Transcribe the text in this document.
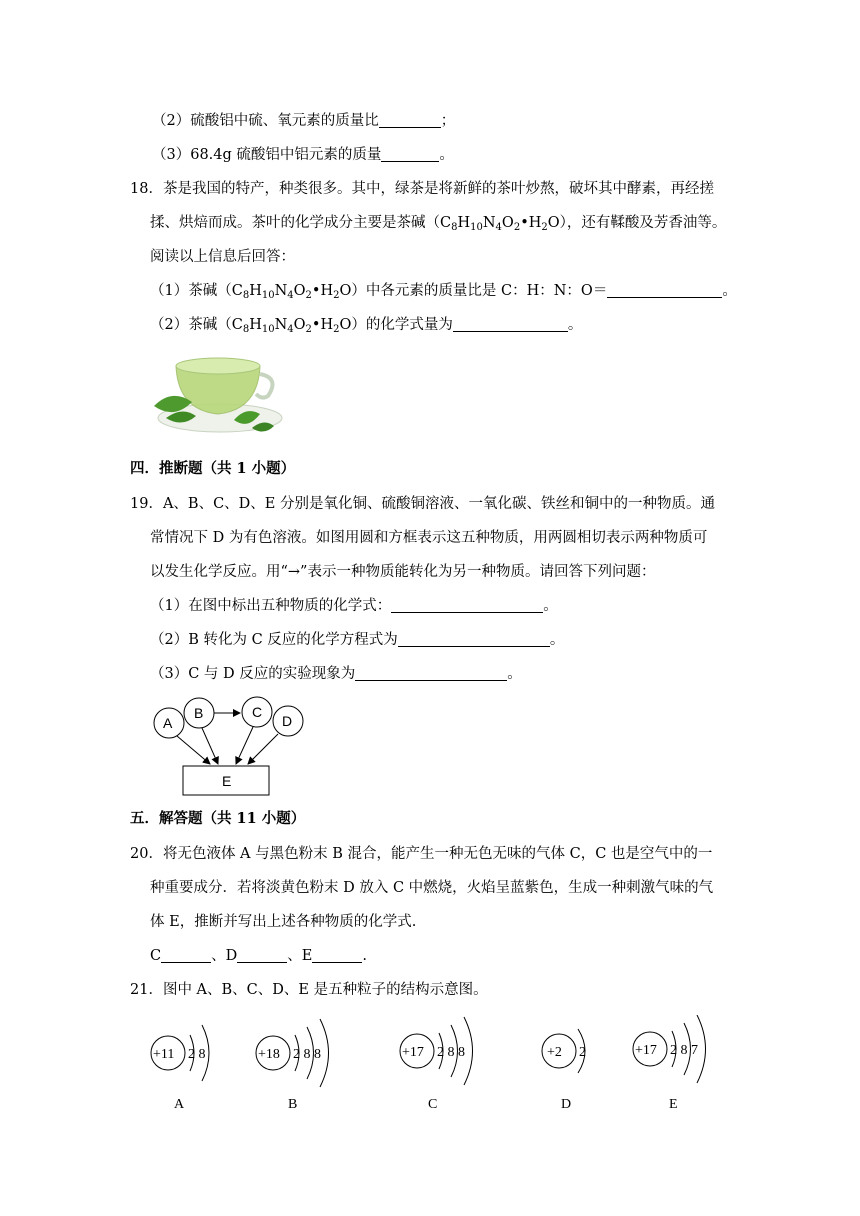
（2）硫酸铝中硫、氧元素的质量比	；
（3）68.4g 硫酸铝中铝元素的质量	。
18．茶是我国的特产，种类很多。其中，绿茶是将新鲜的茶叶炒熬，破坏其中酵素，再经搓
揉、烘焙而成。茶叶的化学成分主要是茶碱$(C_8H_{10}N_4O_2•H_2O)$，还有鞣酸及芳香油等。
阅读以上信息后回答：
（1）茶碱$(C_8H_{10}N_4O_2•H_2O)$中各元素的质量比是 C：H：N：O＝	。
（2）茶碱$(C_8H_{10}N_4O_2•H_2O)$的化学式量为	。
四．推断题（共 1 小题）
19．A、B、C、D、E 分别是氧化铜、硫酸铜溶液、一氧化碳、铁丝和铜中的一种物质。通
常情况下 D 为有色溶液。如图用圆和方框表示这五种物质，用两圆相切表示两种物质可
以发生化学反应。用“→”表示一种物质能转化为另一种物质。请回答下列问题：
（1）在图中标出五种物质的化学式：	。
（2）B 转化为 C 反应的化学方程式为	。
（3）C 与 D 反应的实验现象为	。
A
B	C
D
E
五．解答题（共 11 小题）
20．将无色液体 A 与黑色粉末 B 混合，能产生一种无色无味的气体 C，C 也是空气中的一
种重要成分．若将淡黄色粉末 D 放入 C 中燃烧，火焰呈蓝紫色，生成一种刺激气味的气
体 E，推断并写出上述各种物质的化学式.
C	、D	、E	.
21．图中 A、B、C、D、E 是五种粒子的结构示意图。
+11 2 8
A
+18 2 8 8
B
+17 2 8 8
C
+2 2
D
+17 2 8 7
E
